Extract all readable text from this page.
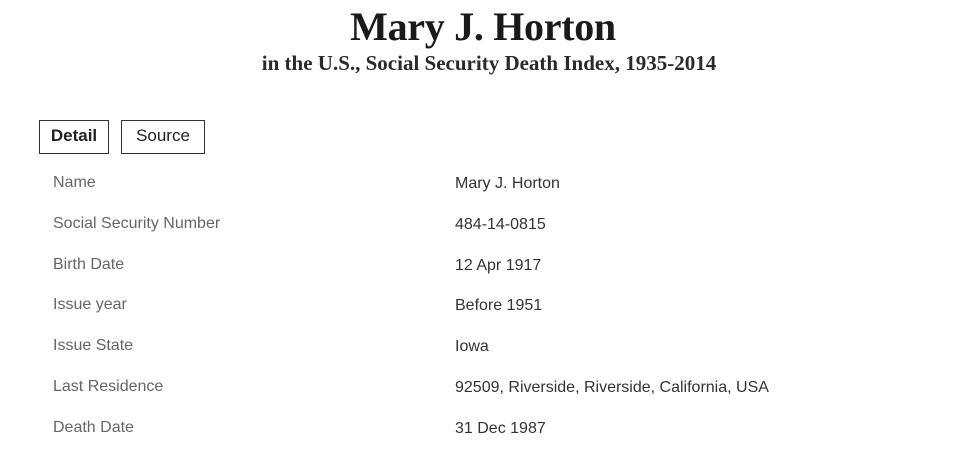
Mary J. Horton
in the U.S., Social Security Death Index, 1935-2014
Detail	Source
Name	Mary J. Horton
Social Security Number	484-14-0815
Birth Date	12 Apr 1917
Issue year	Before 1951
Issue State	Iowa
Last Residence	92509, Riverside, Riverside, California, USA
Death Date	31 Dec 1987
